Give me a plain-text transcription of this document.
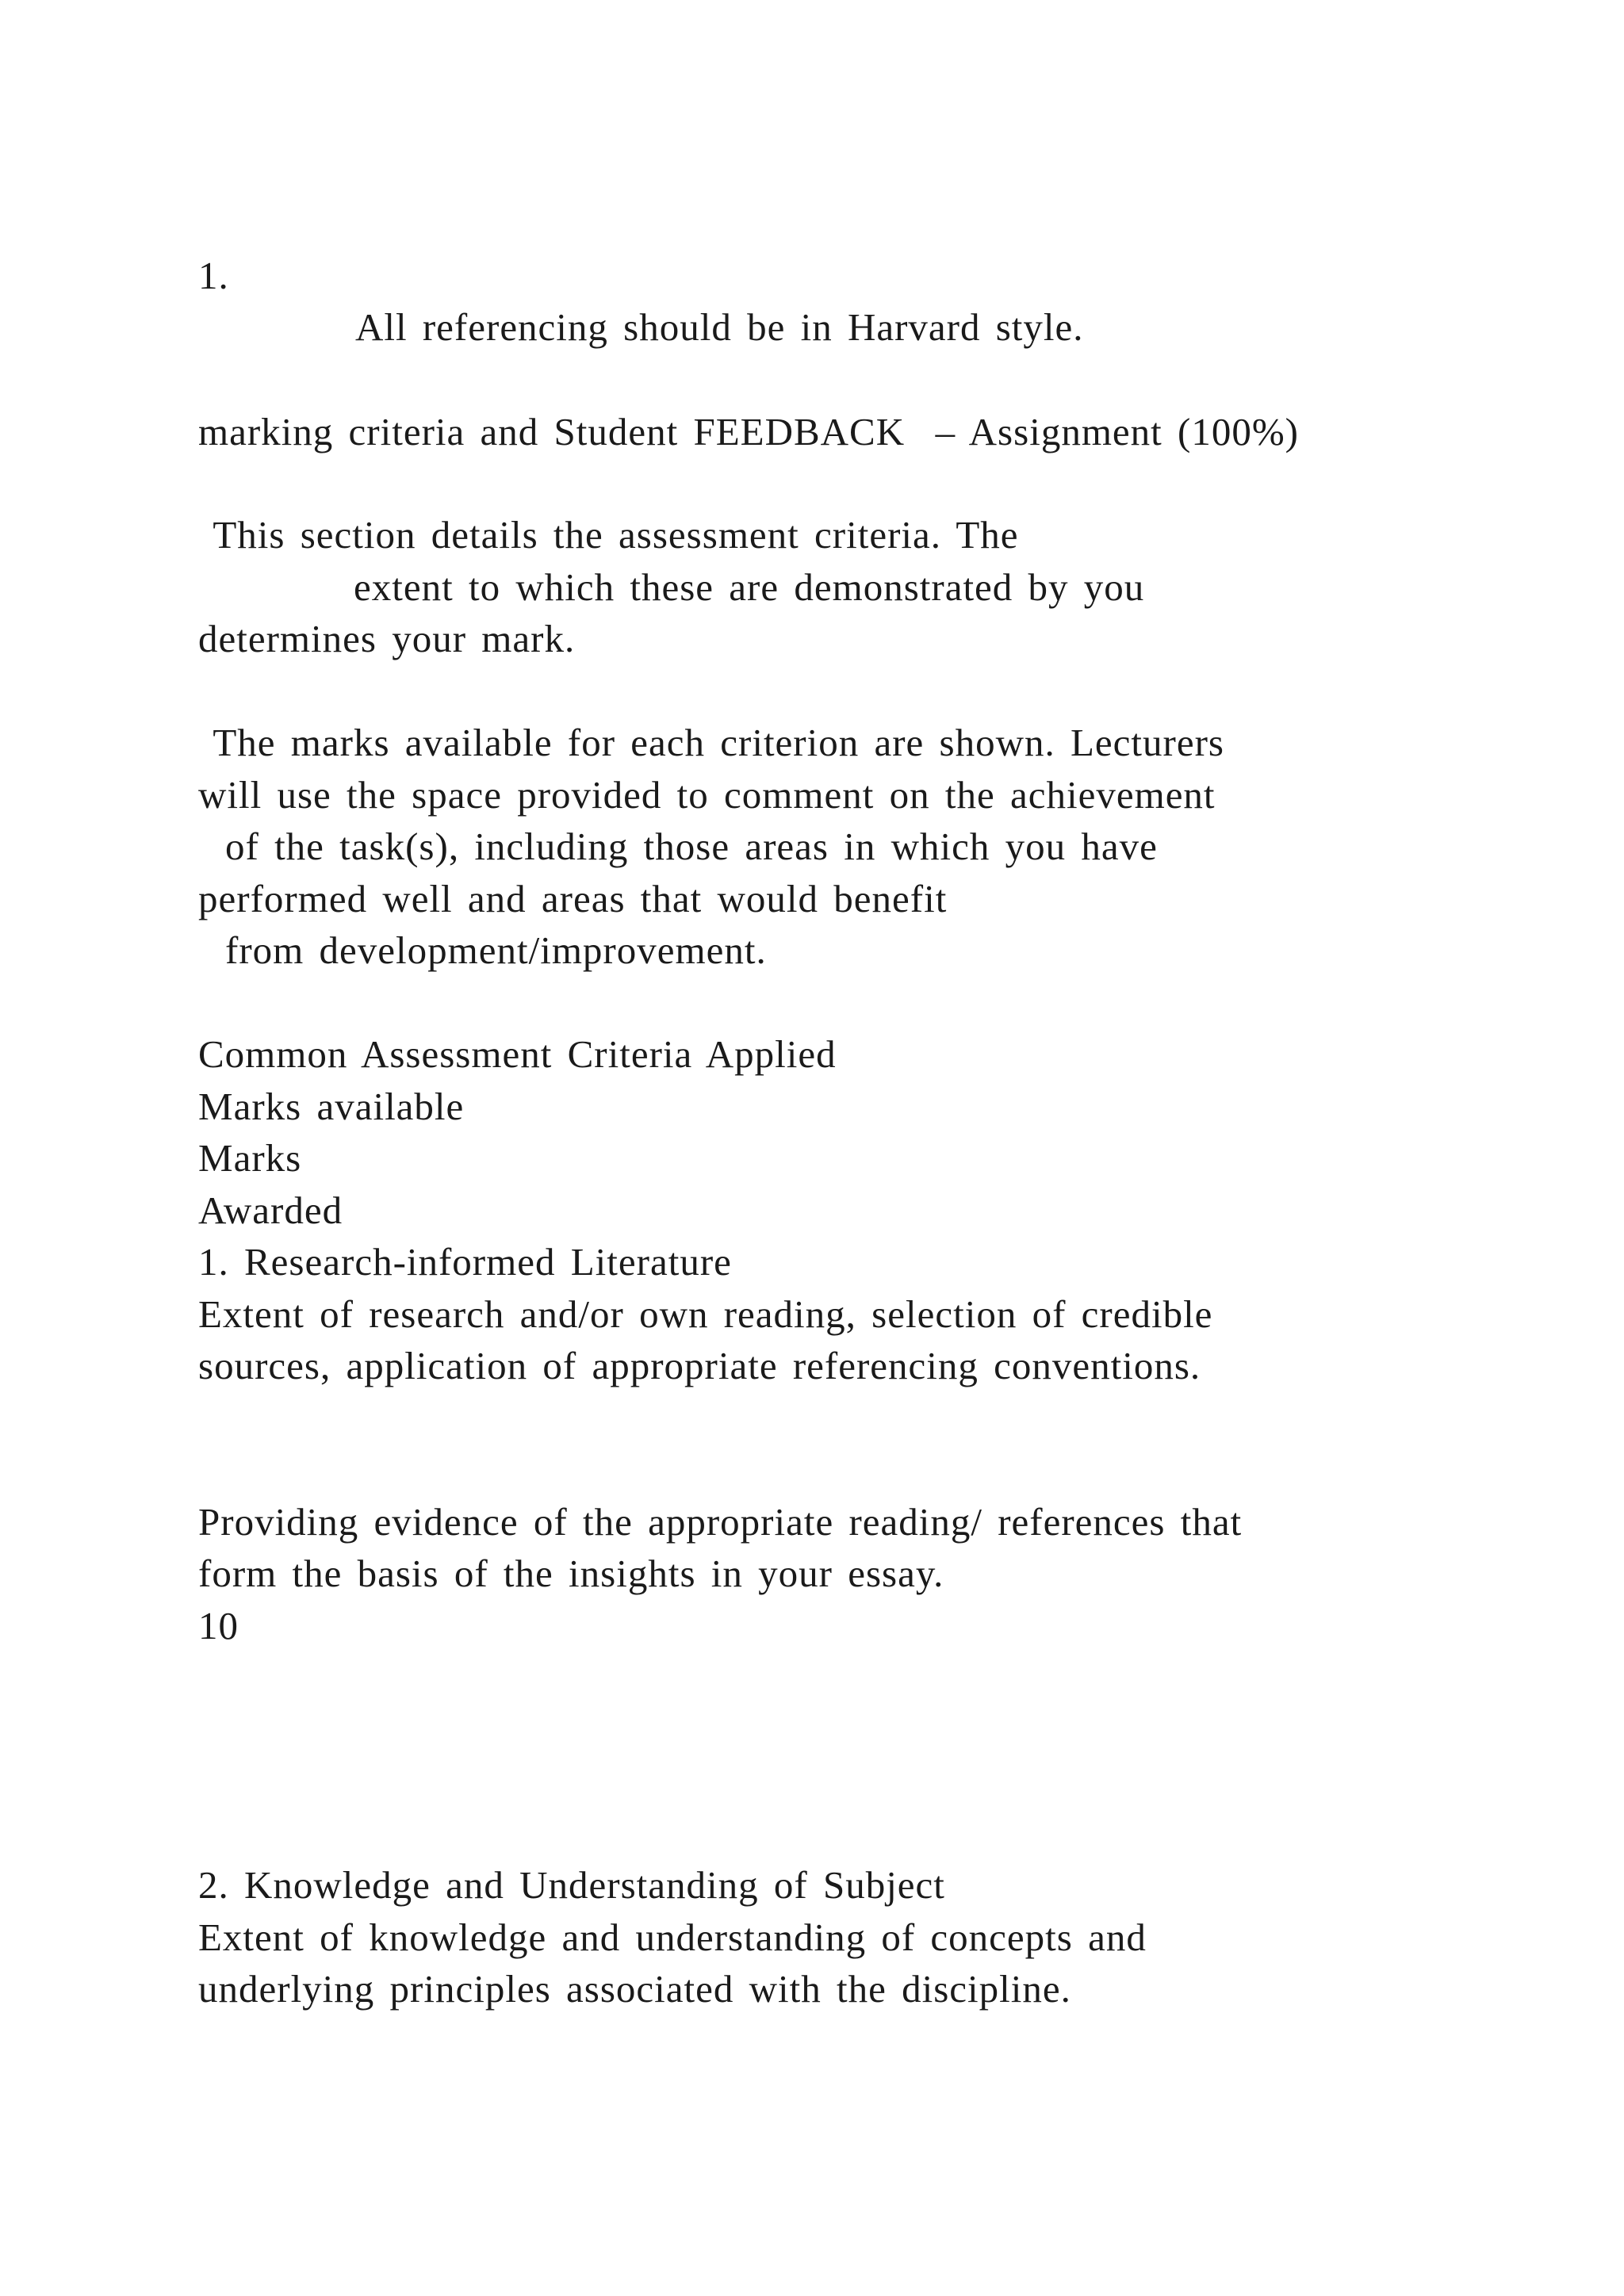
1.
All referencing should be in Harvard style.
marking criteria and Student FEEDBACK  – Assignment (100%)
This section details the assessment criteria. The
extent to which these are demonstrated by you
determines your mark.
The marks available for each criterion are shown. Lecturers
will use the space provided to comment on the achievement
of the task(s), including those areas in which you have
performed well and areas that would benefit
from development/improvement.
Common Assessment Criteria Applied
Marks available
Marks
Awarded
1. Research-informed Literature
Extent of research and/or own reading, selection of credible
sources, application of appropriate referencing conventions.
Providing evidence of the appropriate reading/ references that
form the basis of the insights in your essay.
10
2. Knowledge and Understanding of Subject
Extent of knowledge and understanding of concepts and
underlying principles associated with the discipline.
